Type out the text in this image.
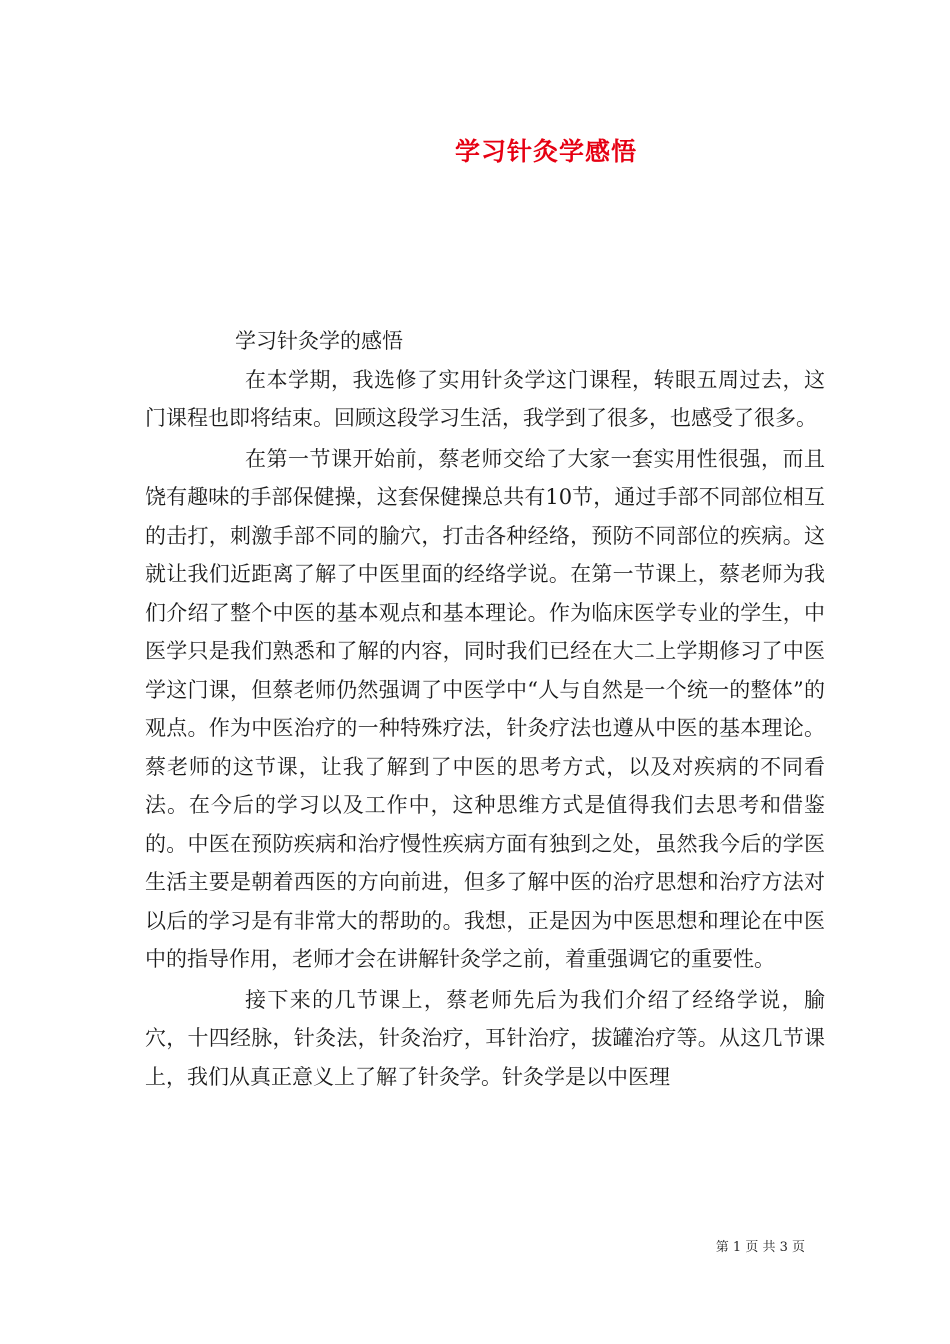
学习针灸学感悟

学习针灸学的感悟

在本学期，我选修了实用针灸学这门课程，转眼五周过去，这门课程也即将结束。回顾这段学习生活，我学到了很多，也感受了很多。

在第一节课开始前，蔡老师交给了大家一套实用性很强，而且饶有趣味的手部保健操，这套保健操总共有10节，通过手部不同部位相互的击打，刺激手部不同的腧穴，打击各种经络，预防不同部位的疾病。这就让我们近距离了解了中医里面的经络学说。在第一节课上，蔡老师为我们介绍了整个中医的基本观点和基本理论。作为临床医学专业的学生，中医学只是我们熟悉和了解的内容，同时我们已经在大二上学期修习了中医学这门课，但蔡老师仍然强调了中医学中“人与自然是一个统一的整体”的观点。作为中医治疗的一种特殊疗法，针灸疗法也遵从中医的基本理论。蔡老师的这节课，让我了解到了中医的思考方式，以及对疾病的不同看法。在今后的学习以及工作中，这种思维方式是值得我们去思考和借鉴的。中医在预防疾病和治疗慢性疾病方面有独到之处，虽然我今后的学医生活主要是朝着西医的方向前进，但多了解中医的治疗思想和治疗方法对以后的学习是有非常大的帮助的。我想，正是因为中医思想和理论在中医中的指导作用，老师才会在讲解针灸学之前，着重强调它的重要性。

接下来的几节课上，蔡老师先后为我们介绍了经络学说，腧穴，十四经脉，针灸法，针灸治疗，耳针治疗，拔罐治疗等。从这几节课上，我们从真正意义上了解了针灸学。针灸学是以中医理

第 1 页 共 3 页
